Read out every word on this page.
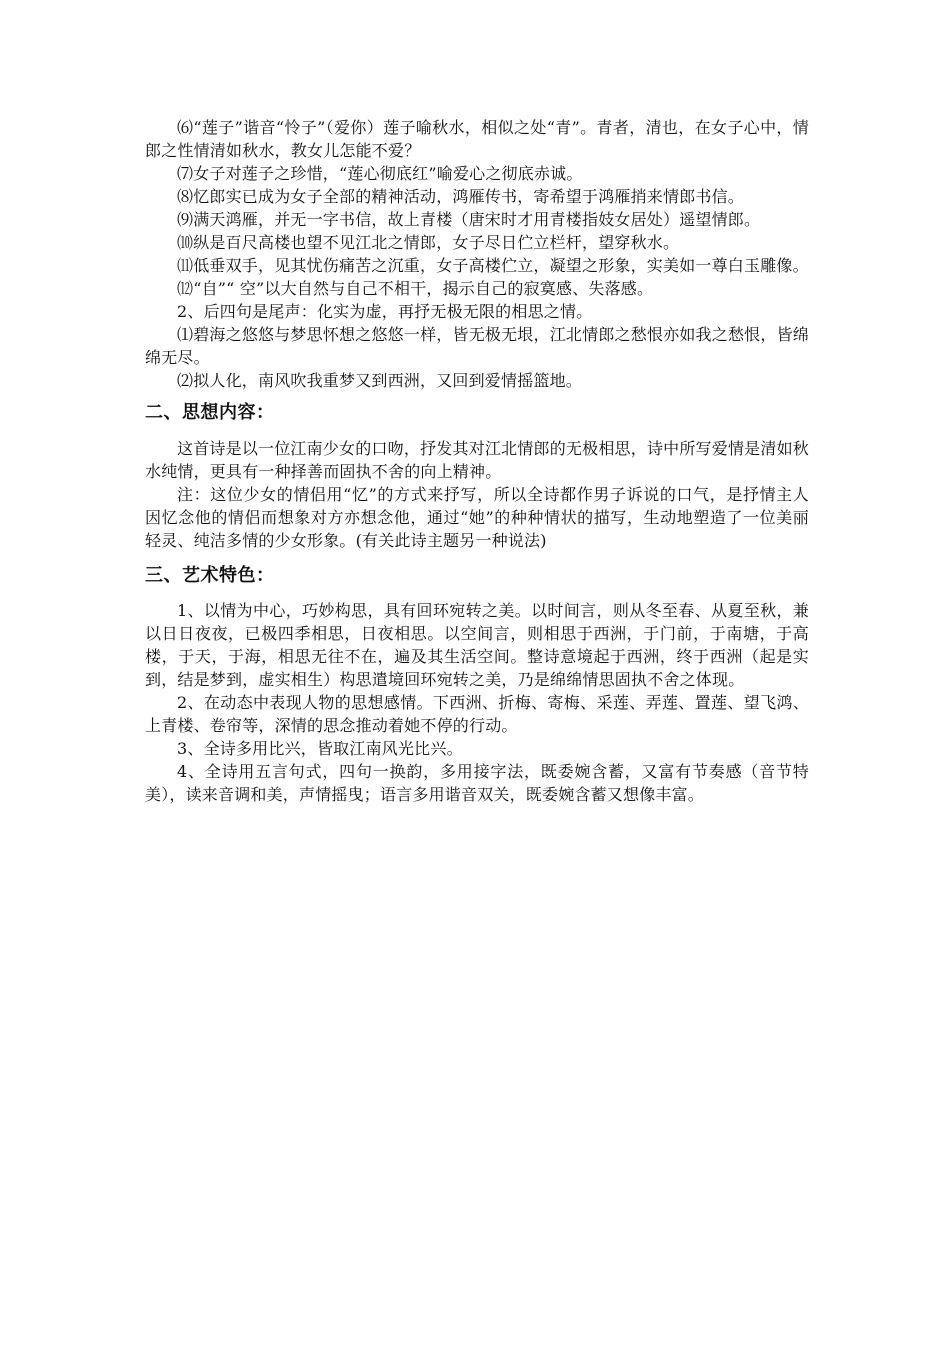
⑹“莲子”谐音“怜子”（爱你）莲子喻秋水，相似之处“青”。青者，清也，在女子心中，情郎之性情清如秋水，教女儿怎能不爱？

⑺女子对莲子之珍惜，“莲心彻底红”喻爱心之彻底赤诚。

⑻忆郎实已成为女子全部的精神活动，鸿雁传书，寄希望于鸿雁捎来情郎书信。

⑼满天鸿雁，并无一字书信，故上青楼（唐宋时才用青楼指妓女居处）遥望情郎。

⑽纵是百尺高楼也望不见江北之情郎，女子尽日伫立栏杆，望穿秋水。

⑾低垂双手，见其忧伤痛苦之沉重，女子高楼伫立，凝望之形象，实美如一尊白玉雕像。

⑿“自”“ 空”以大自然与自己不相干，揭示自己的寂寞感、失落感。

2、后四句是尾声：化实为虚，再抒无极无限的相思之情。

⑴碧海之悠悠与梦思怀想之悠悠一样，皆无极无垠，江北情郎之愁恨亦如我之愁恨，皆绵绵无尽。

⑵拟人化，南风吹我重梦又到西洲，又回到爱情摇篮地。

二、思想内容：

这首诗是以一位江南少女的口吻，抒发其对江北情郎的无极相思，诗中所写爱情是清如秋水纯情，更具有一种择善而固执不舍的向上精神。

注：这位少女的情侣用“忆”的方式来抒写，所以全诗都作男子诉说的口气，是抒情主人因忆念他的情侣而想象对方亦想念他，通过“她”的种种情状的描写，生动地塑造了一位美丽轻灵、纯洁多情的少女形象。(有关此诗主题另一种说法)

三、艺术特色：

1、以情为中心，巧妙构思，具有回环宛转之美。以时间言，则从冬至春、从夏至秋，兼以日日夜夜，已极四季相思，日夜相思。以空间言，则相思于西洲，于门前，于南塘，于高楼，于天，于海，相思无往不在，遍及其生活空间。整诗意境起于西洲，终于西洲（起是实到，结是梦到，虚实相生）构思遣境回环宛转之美，乃是绵绵情思固执不舍之体现。

2、在动态中表现人物的思想感情。下西洲、折梅、寄梅、采莲、弄莲、置莲、望飞鸿、上青楼、卷帘等，深情的思念推动着她不停的行动。

3、全诗多用比兴，皆取江南风光比兴。

4、全诗用五言句式，四句一换韵，多用接字法，既委婉含蓄，又富有节奏感（音节特美），读来音调和美，声情摇曳；语言多用谐音双关，既委婉含蓄又想像丰富。
